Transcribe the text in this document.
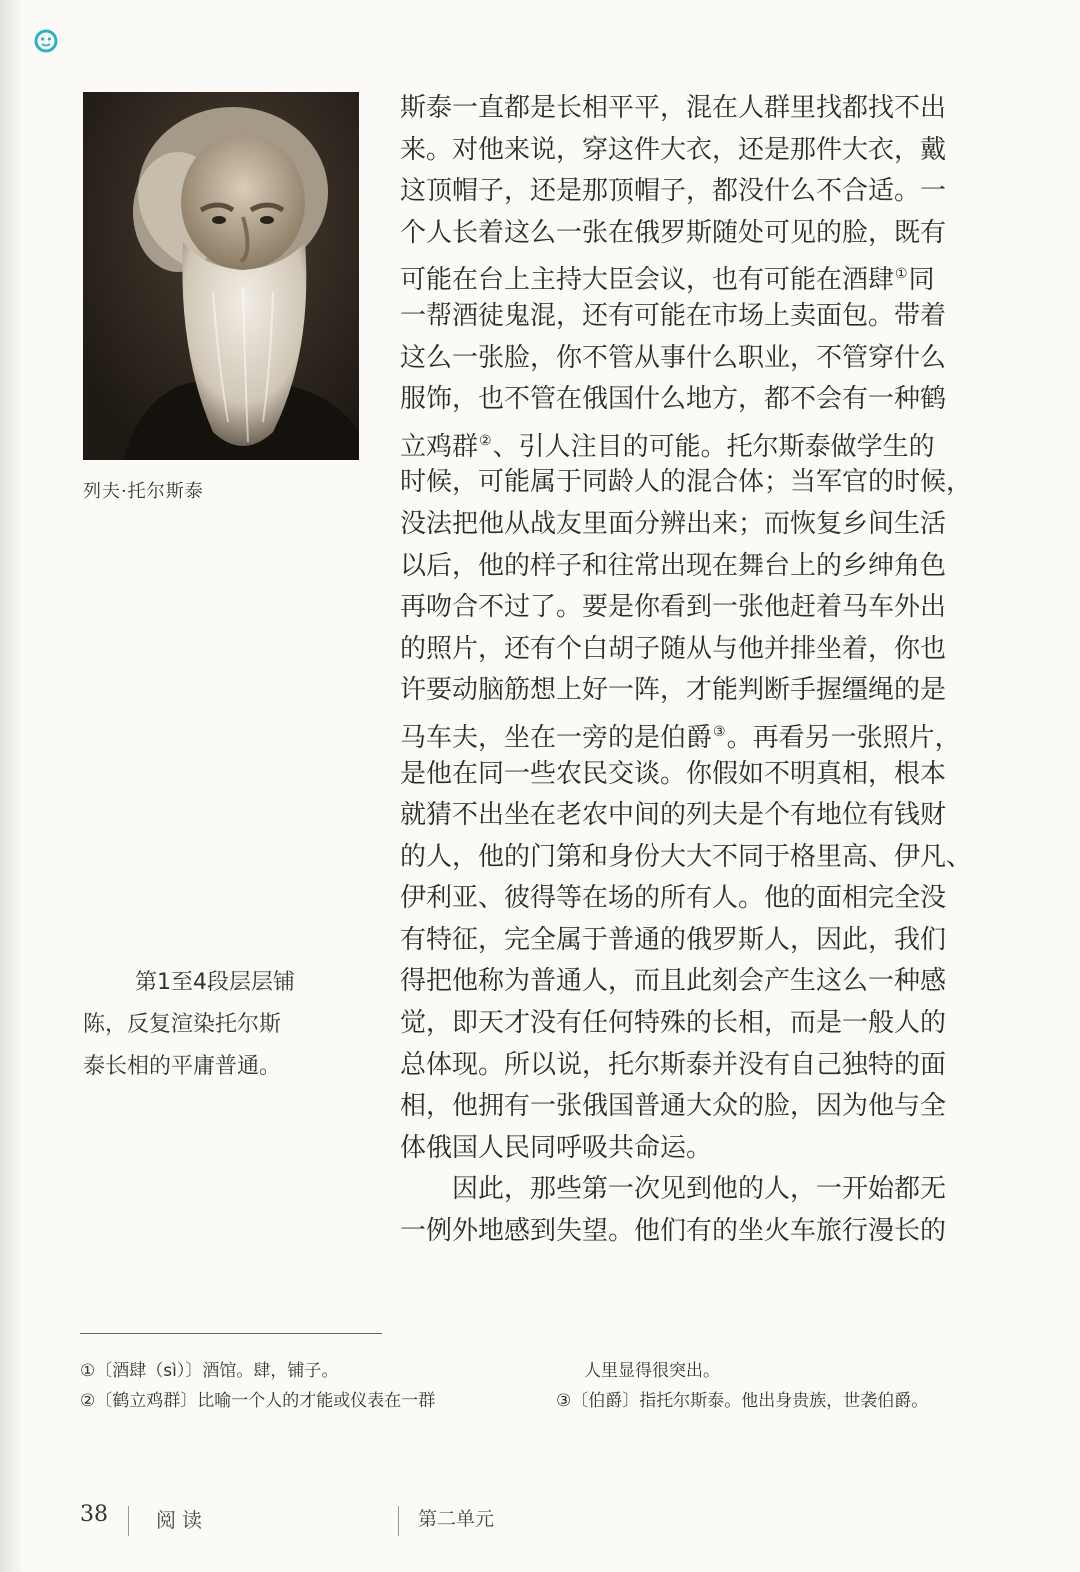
列夫·托尔斯泰
第1至4段层层铺
陈，反复渲染托尔斯
泰长相的平庸普通。
斯泰一直都是长相平平，混在人群里找都找不出
来。对他来说，穿这件大衣，还是那件大衣，戴
这顶帽子，还是那顶帽子，都没什么不合适。一
个人长着这么一张在俄罗斯随处可见的脸，既有
可能在台上主持大臣会议，也有可能在酒肆①同
一帮酒徒鬼混，还有可能在市场上卖面包。带着
这么一张脸，你不管从事什么职业，不管穿什么
服饰，也不管在俄国什么地方，都不会有一种鹤
立鸡群②、引人注目的可能。托尔斯泰做学生的
时候，可能属于同龄人的混合体；当军官的时候，
没法把他从战友里面分辨出来；而恢复乡间生活
以后，他的样子和往常出现在舞台上的乡绅角色
再吻合不过了。要是你看到一张他赶着马车外出
的照片，还有个白胡子随从与他并排坐着，你也
许要动脑筋想上好一阵，才能判断手握缰绳的是
马车夫，坐在一旁的是伯爵③。再看另一张照片，
是他在同一些农民交谈。你假如不明真相，根本
就猜不出坐在老农中间的列夫是个有地位有钱财
的人，他的门第和身份大大不同于格里高、伊凡、
伊利亚、彼得等在场的所有人。他的面相完全没
有特征，完全属于普通的俄罗斯人，因此，我们
得把他称为普通人，而且此刻会产生这么一种感
觉，即天才没有任何特殊的长相，而是一般人的
总体现。所以说，托尔斯泰并没有自己独特的面
相，他拥有一张俄国普通大众的脸，因为他与全
体俄国人民同呼吸共命运。
因此，那些第一次见到他的人，一开始都无
一例外地感到失望。他们有的坐火车旅行漫长的
①〔酒肆（sì）〕酒馆。肆，铺子。
②〔鹤立鸡群〕比喻一个人的才能或仪表在一群
人里显得很突出。
③〔伯爵〕指托尔斯泰。他出身贵族，世袭伯爵。
38 阅读	第二单元
